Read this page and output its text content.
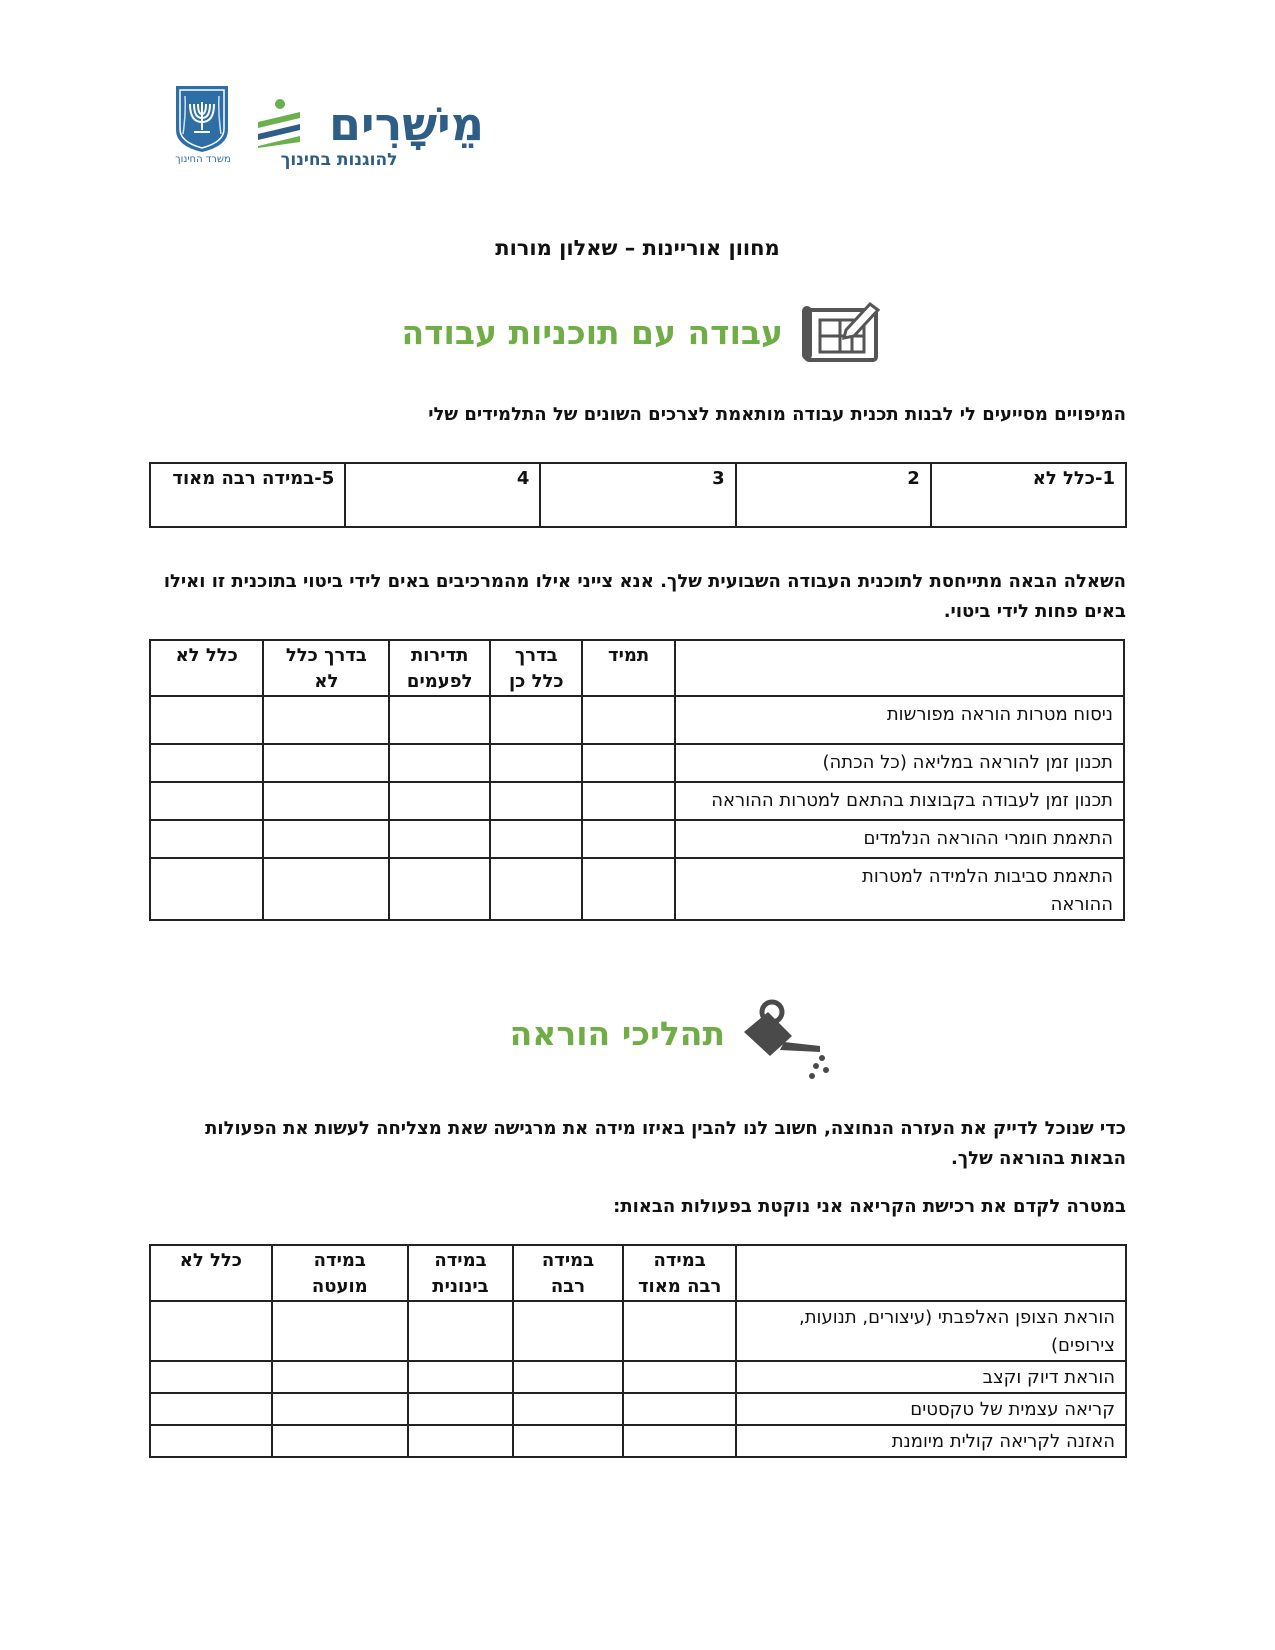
משרד החינוך
מֵישָׁרִים
להוגנות בחינוך
מחוון אוריינות – שאלון מורות
עבודה עם תוכניות עבודה
המיפויים מסייעים לי לבנות תכנית עבודה מותאמת לצרכים השונים של התלמידים שלי
1-כלל לא	2	3	4	5-במידה רבה מאוד
השאלה הבאה מתייחסת לתוכנית העבודה השבועית שלך. אנא צייני אילו מהמרכיבים באים לידי ביטוי בתוכנית זו ואילו באים פחות לידי ביטוי.
	תמיד	בדרך כלל כן	תדירות לפעמים	בדרך כלל לא	כלל לא
ניסוח מטרות הוראה מפורשות					
תכנון זמן להוראה במליאה (כל הכתה)					
תכנון זמן לעבודה בקבוצות בהתאם למטרות ההוראה					
התאמת חומרי ההוראה הנלמדים					
התאמת סביבות הלמידה למטרות ההוראה					
תהליכי הוראה
כדי שנוכל לדייק את העזרה הנחוצה, חשוב לנו להבין באיזו מידה את מרגישה שאת מצליחה לעשות את הפעולות הבאות בהוראה שלך.
במטרה לקדם את רכישת הקריאה אני נוקטת בפעולות הבאות:
	במידה רבה מאוד	במידה רבה	במידה בינונית	במידה מועטה	כלל לא
הוראת הצופן האלפבתי (עיצורים, תנועות, צירופים)					
הוראת דיוק וקצב					
קריאה עצמית של טקסטים					
האזנה לקריאה קולית מיומנת					
